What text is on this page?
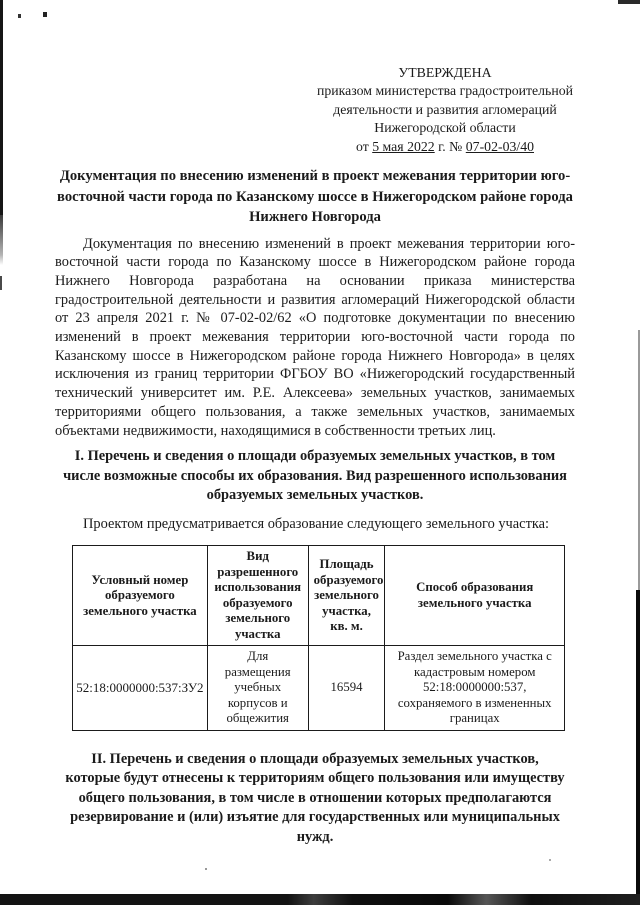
УТВЕРЖДЕНА
приказом министерства градостроительной
деятельности и развития агломераций
Нижегородской области
от 5 мая 2022 г. № 07-02-03/40
Документация по внесению изменений в проект межевания территории юго-восточной части города по Казанскому шоссе в Нижегородском районе города Нижнего Новгорода

Документация по внесению изменений в проект межевания территории юго-восточной части города по Казанскому шоссе в Нижегородском районе города Нижнего Новгорода разработана на основании приказа министерства градостроительной деятельности и развития агломераций Нижегородской области от 23 апреля 2021 г. № 07-02-02/62 «О подготовке документации по внесению изменений в проект межевания территории юго-восточной части города по Казанскому шоссе в Нижегородском районе города Нижнего Новгорода» в целях исключения из границ территории ФГБОУ ВО «Нижегородский государственный технический университет им. Р.Е. Алексеева» земельных участков, занимаемых территориями общего пользования, а также земельных участков, занимаемых объектами недвижимости, находящимися в собственности третьих лиц.

I. Перечень и сведения о площади образуемых земельных участков, в том числе возможные способы их образования. Вид разрешенного использования образуемых земельных участков.

Проектом предусматривается образование следующего земельного участка:

Условный номер образуемого земельного участка	Вид разрешенного использования образуемого земельного участка	Площадь образуемого земельного участка, кв. м.	Способ образования земельного участка
52:18:0000000:537:ЗУ2	Для размещения учебных корпусов и общежития	16594	Раздел земельного участка с кадастровым номером 52:18:0000000:537, сохраняемого в измененных границах
II. Перечень и сведения о площади образуемых земельных участков, которые будут отнесены к территориям общего пользования или имуществу общего пользования, в том числе в отношении которых предполагаются резервирование и (или) изъятие для государственных или муниципальных нужд.
